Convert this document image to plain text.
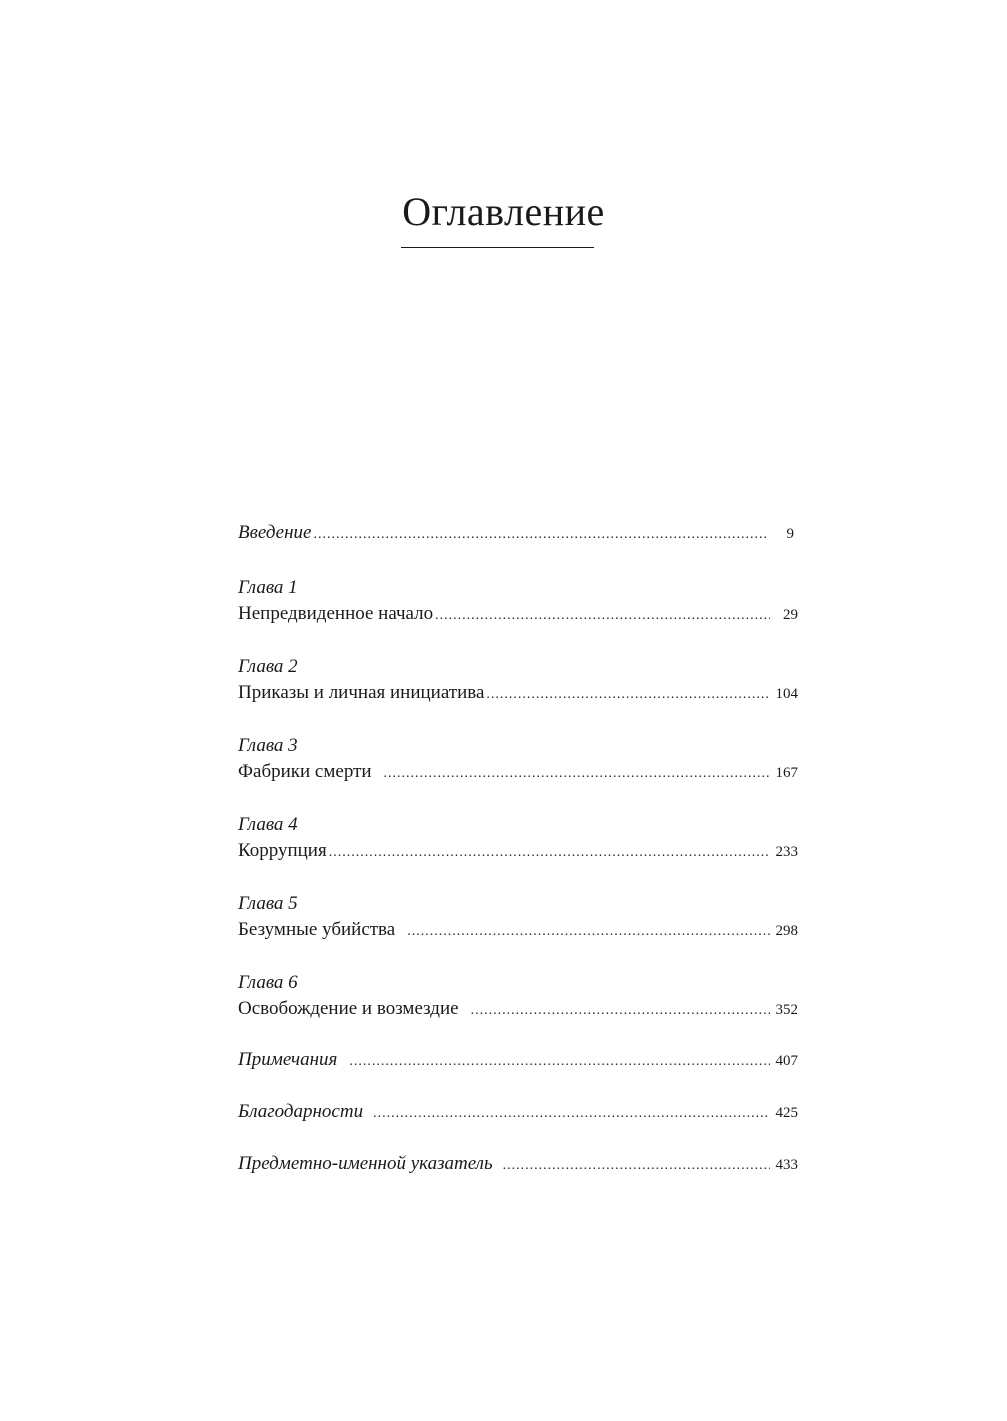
Оглавление
Введение .....	9
Глава 1
Непредвиденное начало .....	29
Глава 2
Приказы и личная инициатива .....	104
Глава 3
Фабрики смерти .....	167
Глава 4
Коррупция .....	233
Глава 5
Безумные убийства .....	298
Глава 6
Освобождение и возмездие .....	352
Примечания .....	407
Благодарности .....	425
Предметно-именной указатель .....	433
